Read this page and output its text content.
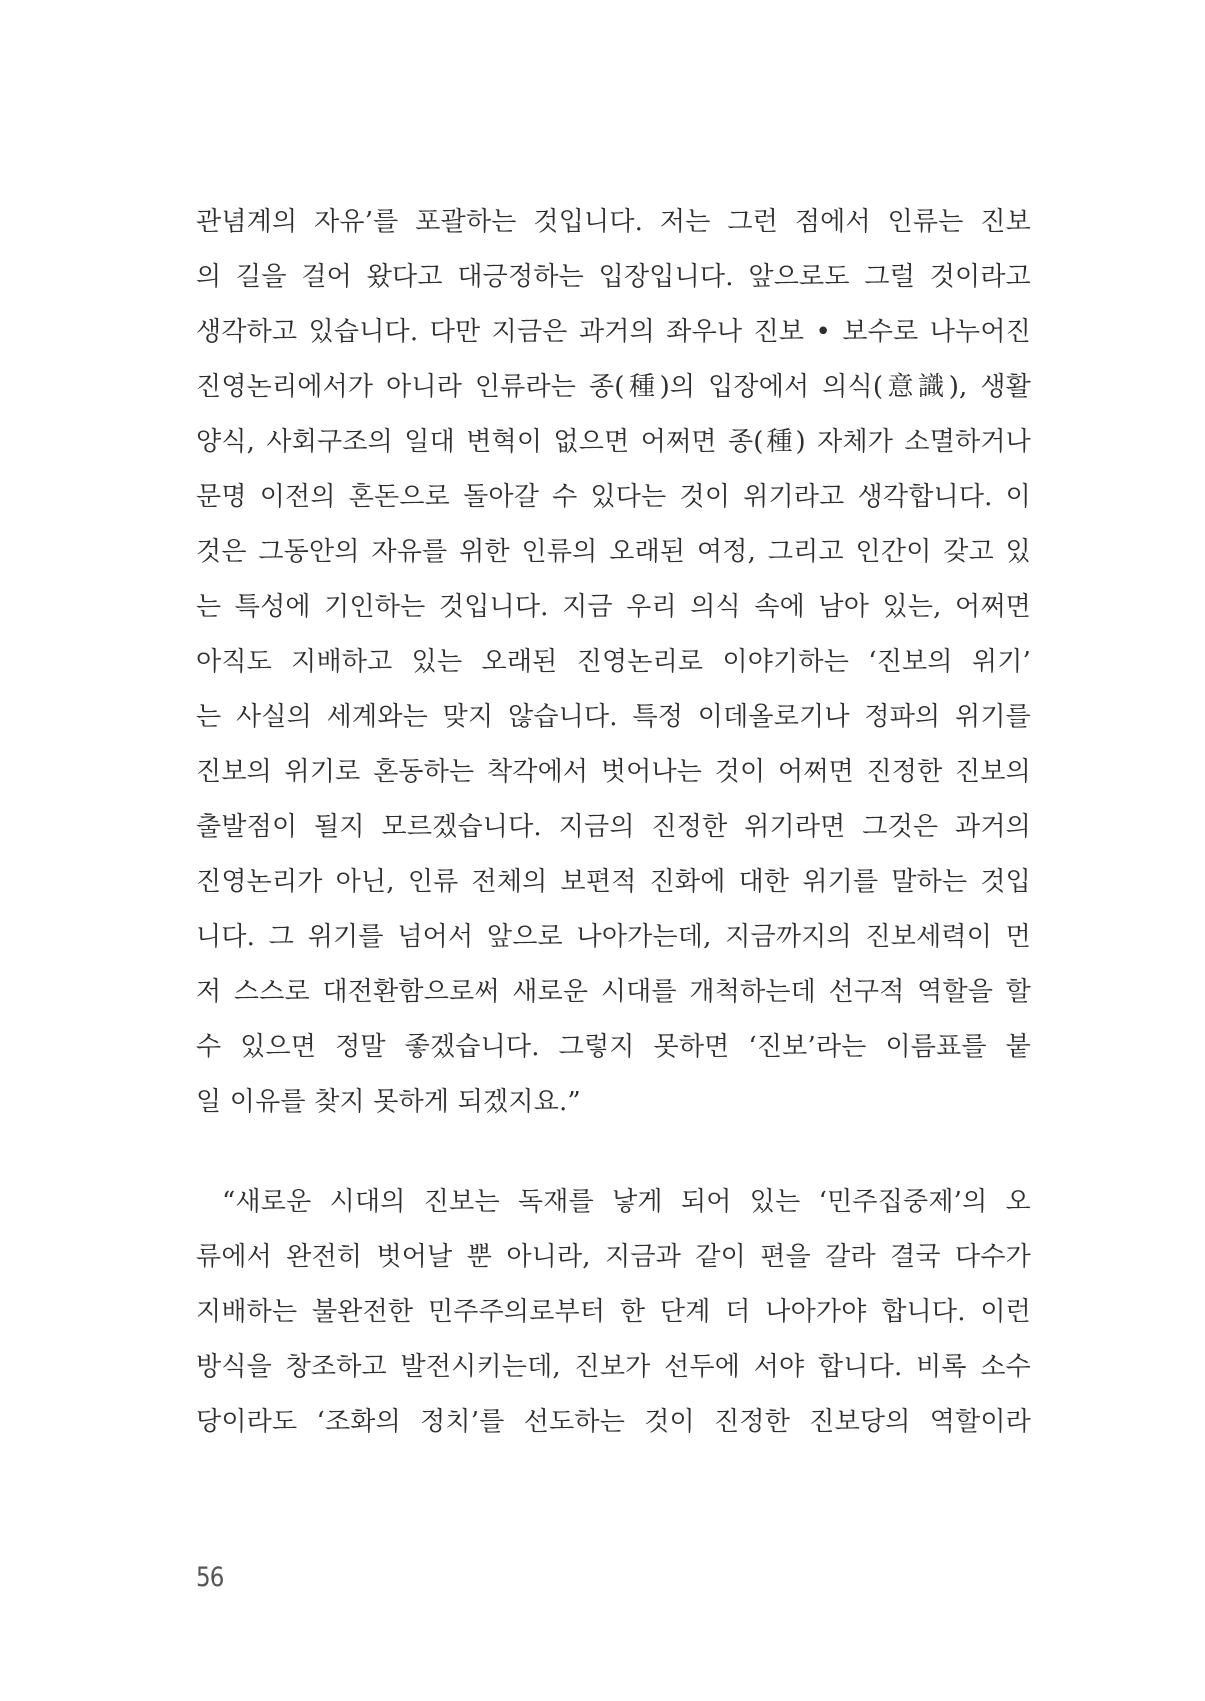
관념계의 자유’를 포괄하는 것입니다. 저는 그런 점에서 인류는 진보
의 길을 걸어 왔다고 대긍정하는 입장입니다. 앞으로도 그럴 것이라고
생각하고 있습니다. 다만 지금은 과거의 좌우나 진보 • 보수로 나누어진
진영논리에서가 아니라 인류라는 종(種)의 입장에서 의식(意識), 생활
양식, 사회구조의 일대 변혁이 없으면 어쩌면 종(種) 자체가 소멸하거나
문명 이전의 혼돈으로 돌아갈 수 있다는 것이 위기라고 생각합니다. 이
것은 그동안의 자유를 위한 인류의 오래된 여정, 그리고 인간이 갖고 있
는 특성에 기인하는 것입니다. 지금 우리 의식 속에 남아 있는, 어쩌면
아직도 지배하고 있는 오래된 진영논리로 이야기하는 ‘진보의 위기’
는 사실의 세계와는 맞지 않습니다. 특정 이데올로기나 정파의 위기를
진보의 위기로 혼동하는 착각에서 벗어나는 것이 어쩌면 진정한 진보의
출발점이 될지 모르겠습니다. 지금의 진정한 위기라면 그것은 과거의
진영논리가 아닌, 인류 전체의 보편적 진화에 대한 위기를 말하는 것입
니다. 그 위기를 넘어서 앞으로 나아가는데, 지금까지의 진보세력이 먼
저 스스로 대전환함으로써 새로운 시대를 개척하는데 선구적 역할을 할
수 있으면 정말 좋겠습니다. 그렇지 못하면 ‘진보’라는 이름표를 붙
일 이유를 찾지 못하게 되겠지요.”
“새로운 시대의 진보는 독재를 낳게 되어 있는 ‘민주집중제’의 오
류에서 완전히 벗어날 뿐 아니라, 지금과 같이 편을 갈라 결국 다수가
지배하는 불완전한 민주주의로부터 한 단계 더 나아가야 합니다. 이런
방식을 창조하고 발전시키는데, 진보가 선두에 서야 합니다. 비록 소수
당이라도 ‘조화의 정치’를 선도하는 것이 진정한 진보당의 역할이라
56
